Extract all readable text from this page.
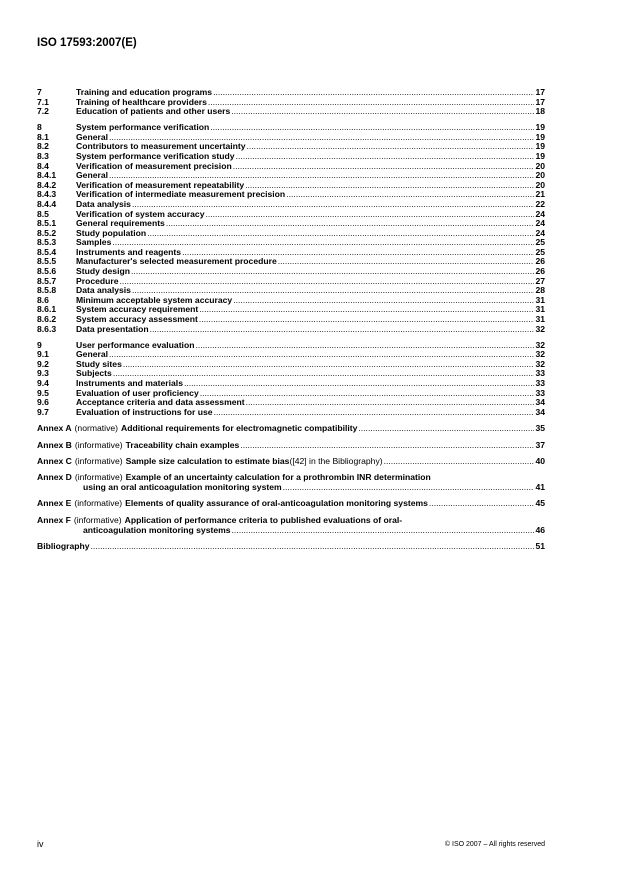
ISO 17593:2007(E)
7	Training and education programs .....	17
7.1	Training of healthcare providers .....	17
7.2	Education of patients and other users .....	18
8	System performance verification .....	19
8.1	General .....	19
8.2	Contributors to measurement uncertainty .....	19
8.3	System performance verification study .....	19
8.4	Verification of measurement precision .....	20
8.4.1	General .....	20
8.4.2	Verification of measurement repeatability .....	20
8.4.3	Verification of intermediate measurement precision .....	21
8.4.4	Data analysis .....	22
8.5	Verification of system accuracy .....	24
8.5.1	General requirements .....	24
8.5.2	Study population .....	24
8.5.3	Samples .....	25
8.5.4	Instruments and reagents .....	25
8.5.5	Manufacturer's selected measurement procedure .....	26
8.5.6	Study design .....	26
8.5.7	Procedure .....	27
8.5.8	Data analysis .....	28
8.6	Minimum acceptable system accuracy .....	31
8.6.1	System accuracy requirement .....	31
8.6.2	System accuracy assessment .....	31
8.6.3	Data presentation .....	32
9	User performance evaluation .....	32
9.1	General .....	32
9.2	Study sites .....	32
9.3	Subjects .....	33
9.4	Instruments and materials .....	33
9.5	Evaluation of user proficiency .....	33
9.6	Acceptance criteria and data assessment .....	34
9.7	Evaluation of instructions for use .....	34
Annex A (normative) Additional requirements for electromagnetic compatibility .....	35
Annex B (informative) Traceability chain examples .....	37
Annex C (informative) Sample size calculation to estimate bias ([42] in the Bibliography) .....	40
Annex D (informative) Example of an uncertainty calculation for a prothrombin INR determination
using an oral anticoagulation monitoring system .....	41
Annex E (informative) Elements of quality assurance of oral-anticoagulation monitoring systems .....	45
Annex F (informative) Application of performance criteria to published evaluations of oral-
anticoagulation monitoring systems .....	46
Bibliography .....	51
iv	© ISO 2007 – All rights reserved
